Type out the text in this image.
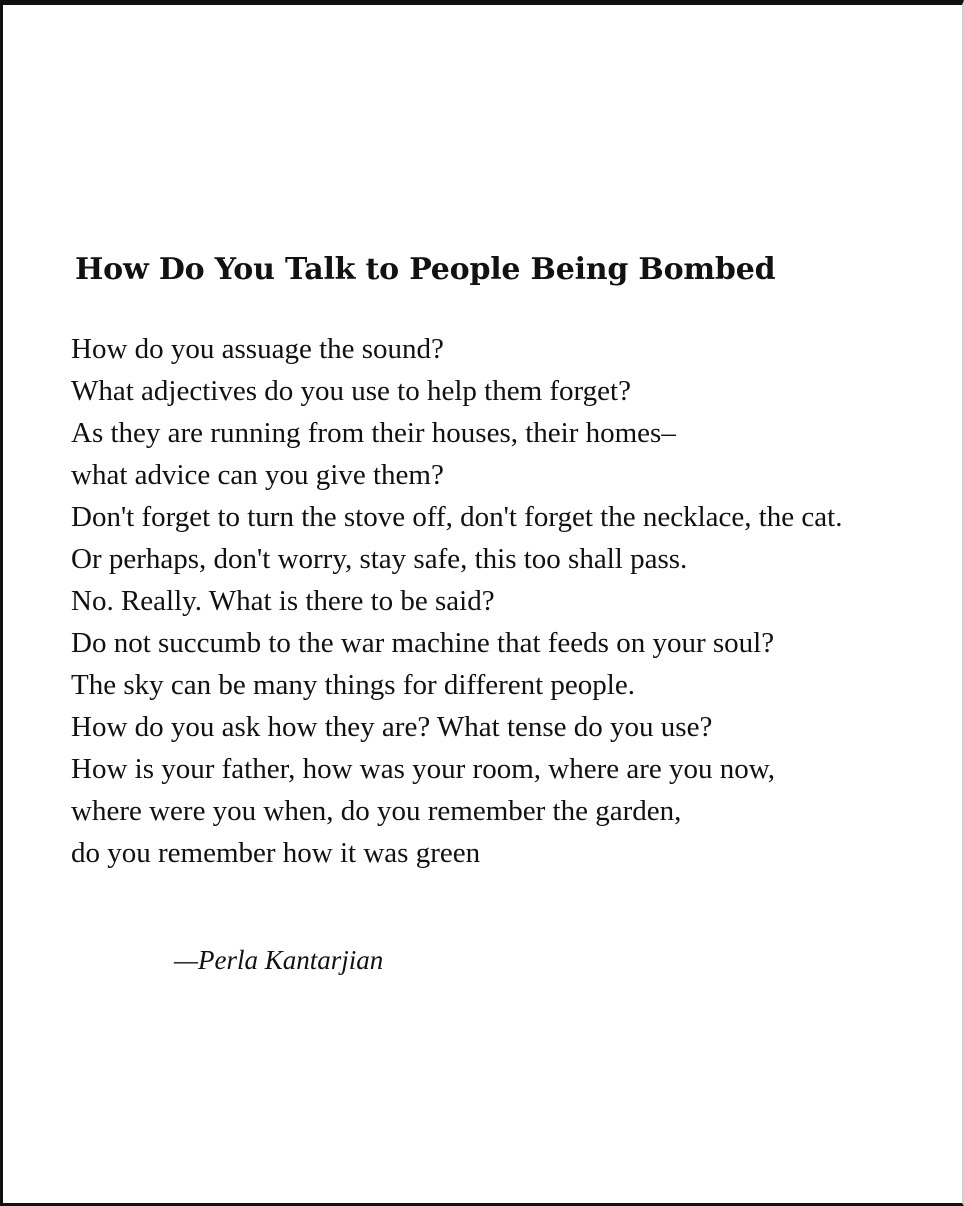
How Do You Talk to People Being Bombed
How do you assuage the sound?
What adjectives do you use to help them forget?
As they are running from their houses, their homes–
what advice can you give them?
Don't forget to turn the stove off, don't forget the necklace, the cat.
Or perhaps, don't worry, stay safe, this too shall pass.
No. Really. What is there to be said?
Do not succumb to the war machine that feeds on your soul?
The sky can be many things for different people.
How do you ask how they are? What tense do you use?
How is your father, how was your room, where are you now,
where were you when, do you remember the garden,
do you remember how it was green

—Perla Kantarjian
